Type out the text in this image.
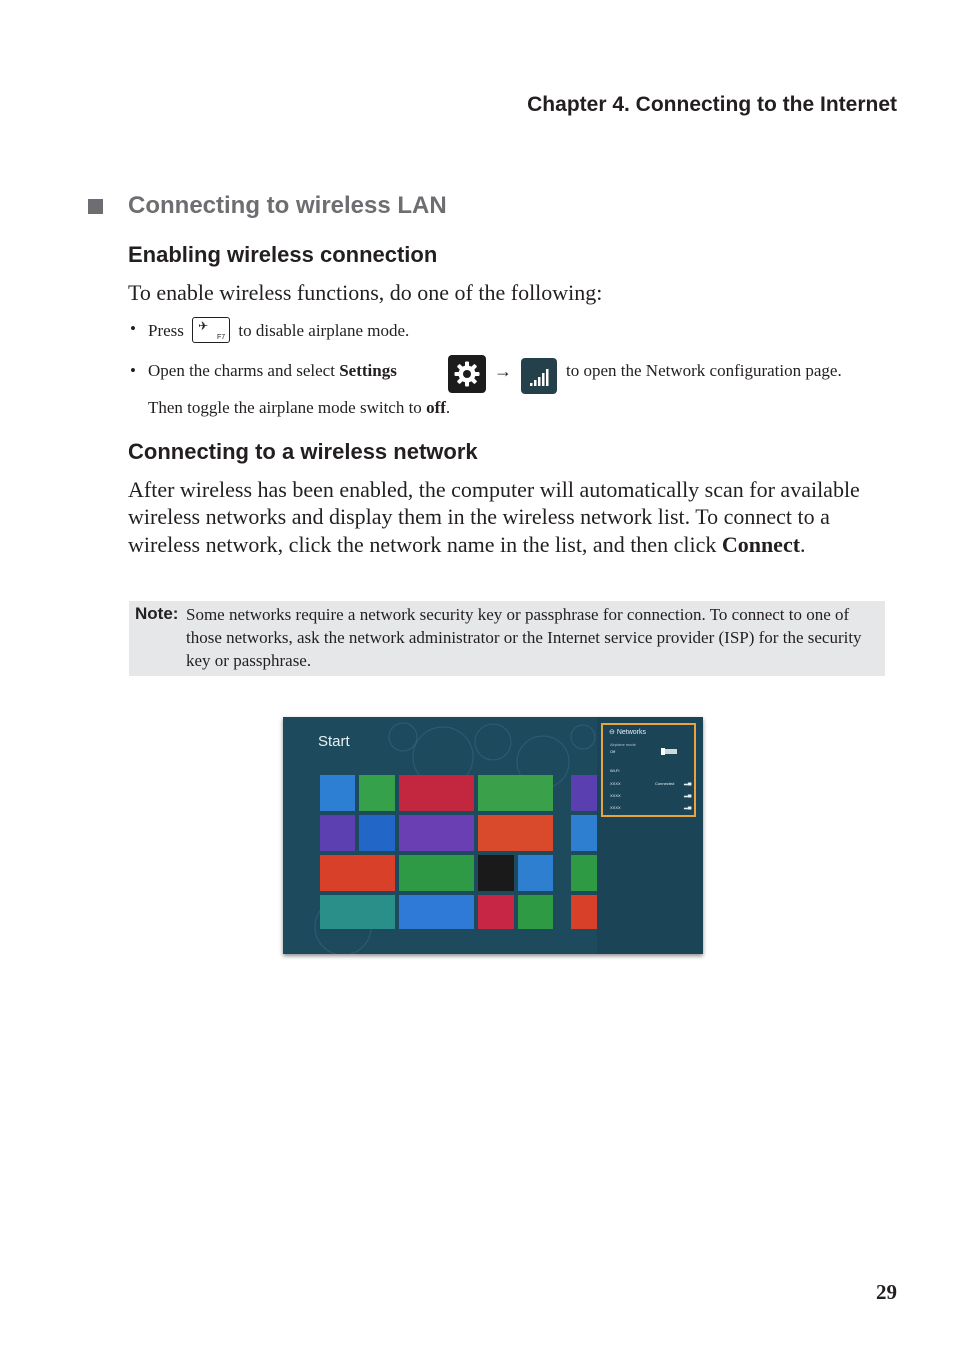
Chapter 4. Connecting to the Internet
Connecting to wireless LAN
Enabling wireless connection
To enable wireless functions, do one of the following:
• Press ✈
F7 to disable airplane mode.
• Open the charms and select Settings	→	to open the Network configuration page.
Then toggle the airplane mode switch to off.
Connecting to a wireless network
After wireless has been enabled, the computer will automatically scan for available wireless networks and display them in the wireless network list. To connect to a wireless network, click the network name in the list, and then click Connect.
Note: Some networks require a network security key or passphrase for connection. To connect to one of those networks, ask the network administrator or the Internet service provider (ISP) for the security key or passphrase.
Start
⊖ Networks
Airplane mode
Off
Wi-Fi
XXXX	Connected ▂▄
XXXX	▂▄
XXXX	▂▄
29
